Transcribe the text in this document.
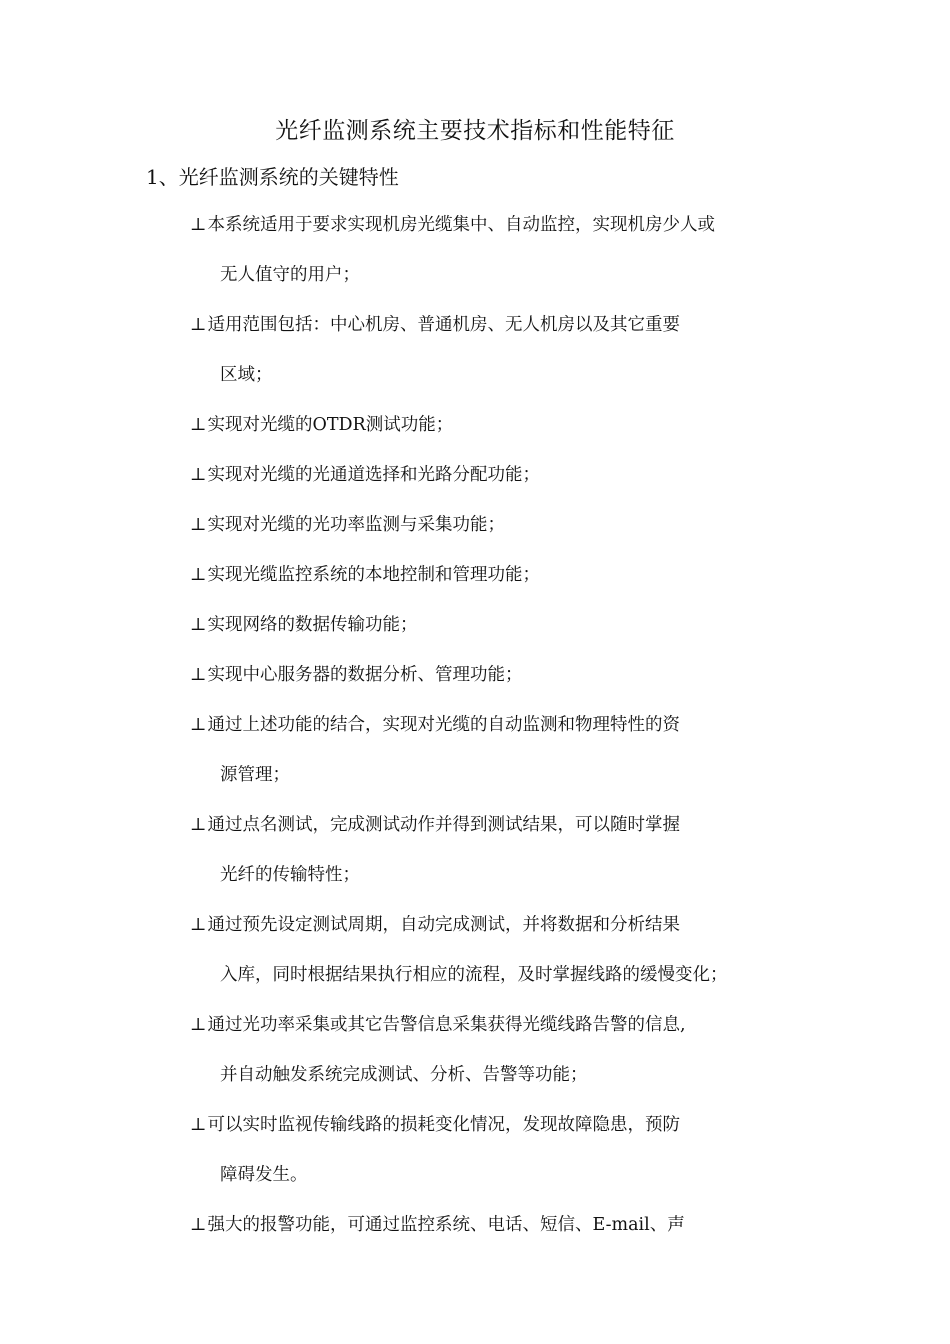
光纤监测系统主要技术指标和性能特征
1、光纤监测系统的关键特性
⊥本系统适用于要求实现机房光缆集中、自动监控，实现机房少人或
无人值守的用户；
⊥适用范围包括：中心机房、普通机房、无人机房以及其它重要
区域；
⊥实现对光缆的OTDR测试功能；
⊥实现对光缆的光通道选择和光路分配功能；
⊥实现对光缆的光功率监测与采集功能；
⊥实现光缆监控系统的本地控制和管理功能；
⊥实现网络的数据传输功能；
⊥实现中心服务器的数据分析、管理功能；
⊥通过上述功能的结合，实现对光缆的自动监测和物理特性的资
源管理；
⊥通过点名测试，完成测试动作并得到测试结果，可以随时掌握
光纤的传输特性；
⊥通过预先设定测试周期，自动完成测试，并将数据和分析结果
入库，同时根据结果执行相应的流程，及时掌握线路的缓慢变化；
⊥通过光功率采集或其它告警信息采集获得光缆线路告警的信息,
并自动触发系统完成测试、分析、告警等功能；
⊥可以实时监视传输线路的损耗变化情况，发现故障隐患，预防
障碍发生。
⊥强大的报警功能，可通过监控系统、电话、短信、E-mail、声
